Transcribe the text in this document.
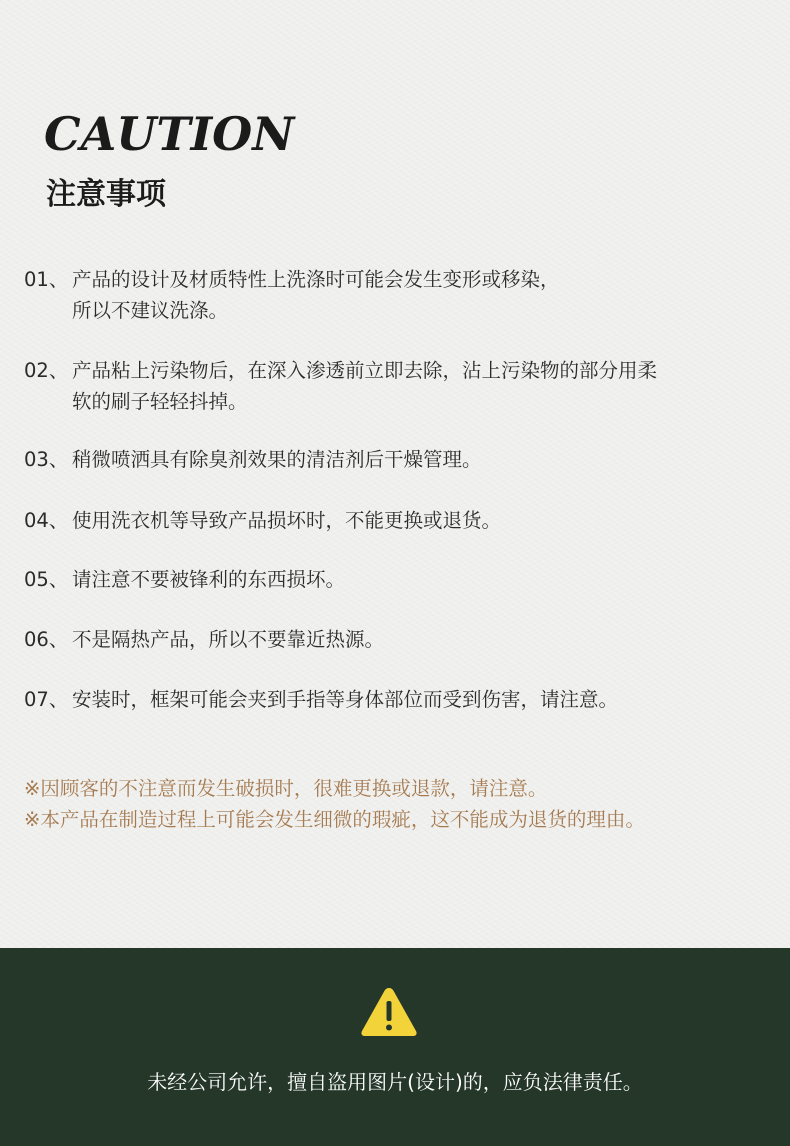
CAUTION
注意事项
01、 产品的设计及材质特性上洗涤时可能会发生变形或移染，
所以不建议洗涤。
02、 产品粘上污染物后，在深入渗透前立即去除，沾上污染物的部分用柔
软的刷子轻轻抖掉。
03、 稍微喷洒具有除臭剂效果的清洁剂后干燥管理。
04、 使用洗衣机等导致产品损坏时，不能更换或退货。
05、 请注意不要被锋利的东西损坏。
06、 不是隔热产品，所以不要靠近热源。
07、 安装时，框架可能会夹到手指等身体部位而受到伤害，请注意。
※因顾客的不注意而发生破损时，很难更换或退款，请注意。
※本产品在制造过程上可能会发生细微的瑕疵，这不能成为退货的理由。
未经公司允许，擅自盗用图片(设计)的，应负法律责任。
